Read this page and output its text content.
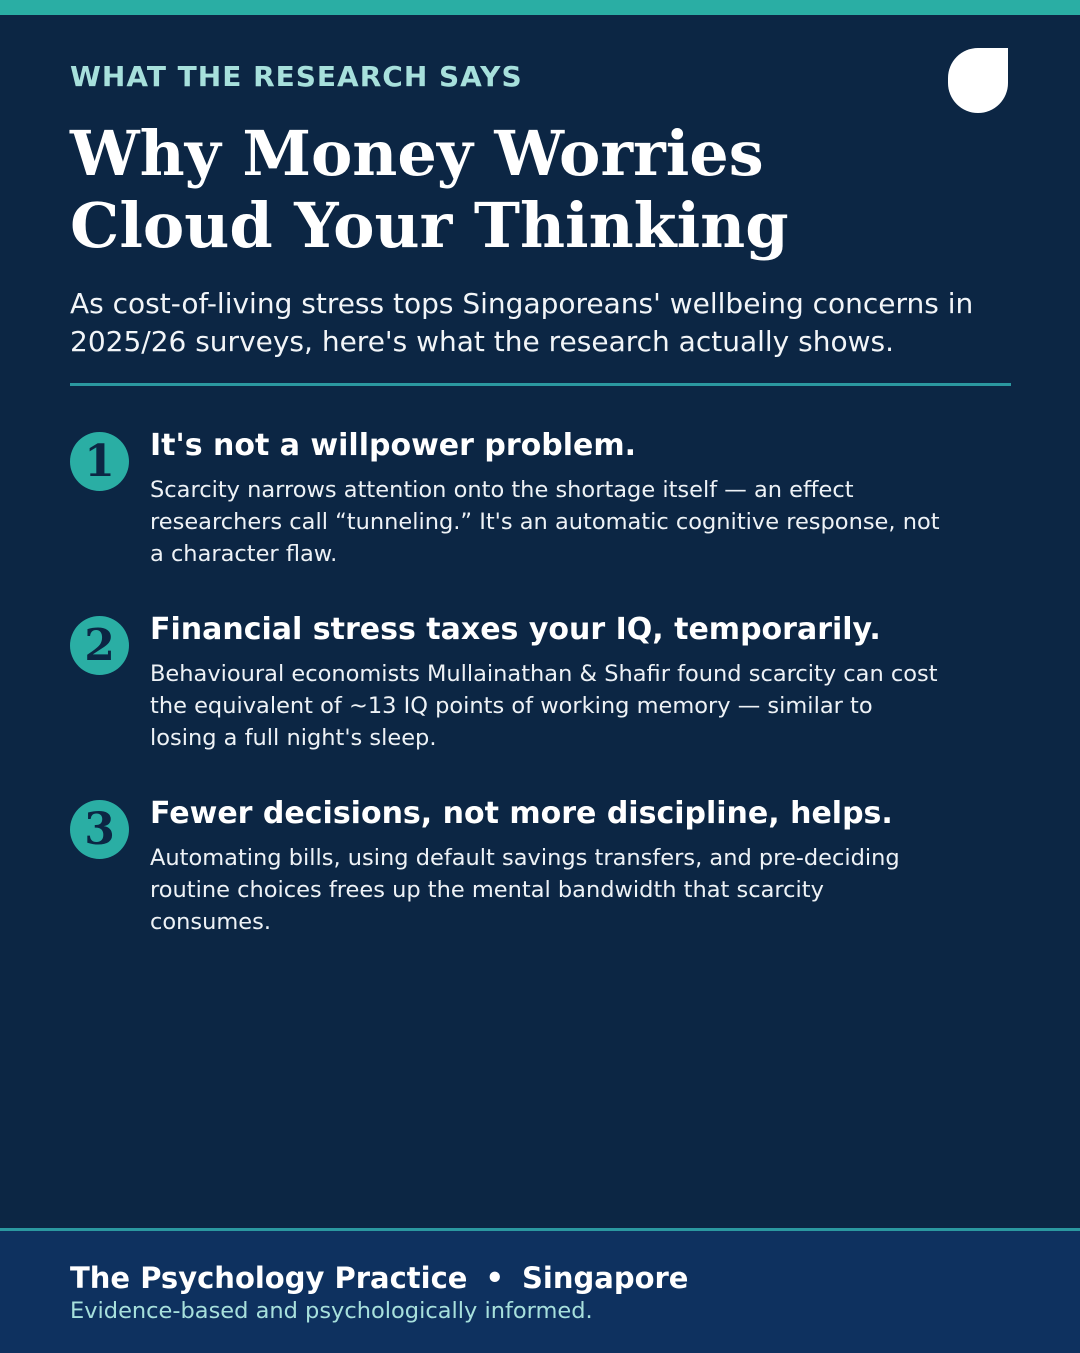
WHAT THE RESEARCH SAYS

Why Money Worries
Cloud Your Thinking

As cost-of-living stress tops Singaporeans' wellbeing concerns in 2025/26 surveys, here's what the research actually shows.

1	It's not a willpower problem.

Scarcity narrows attention onto the shortage itself — an effect researchers call “tunneling.” It's an automatic cognitive response, not a character flaw.

2	Financial stress taxes your IQ, temporarily.

Behavioural economists Mullainathan & Shafir found scarcity can cost the equivalent of ~13 IQ points of working memory — similar to losing a full night's sleep.

3	Fewer decisions, not more discipline, helps.

Automating bills, using default savings transfers, and pre-deciding routine choices frees up the mental bandwidth that scarcity consumes.

The Psychology Practice • Singapore

Evidence-based and psychologically informed.
